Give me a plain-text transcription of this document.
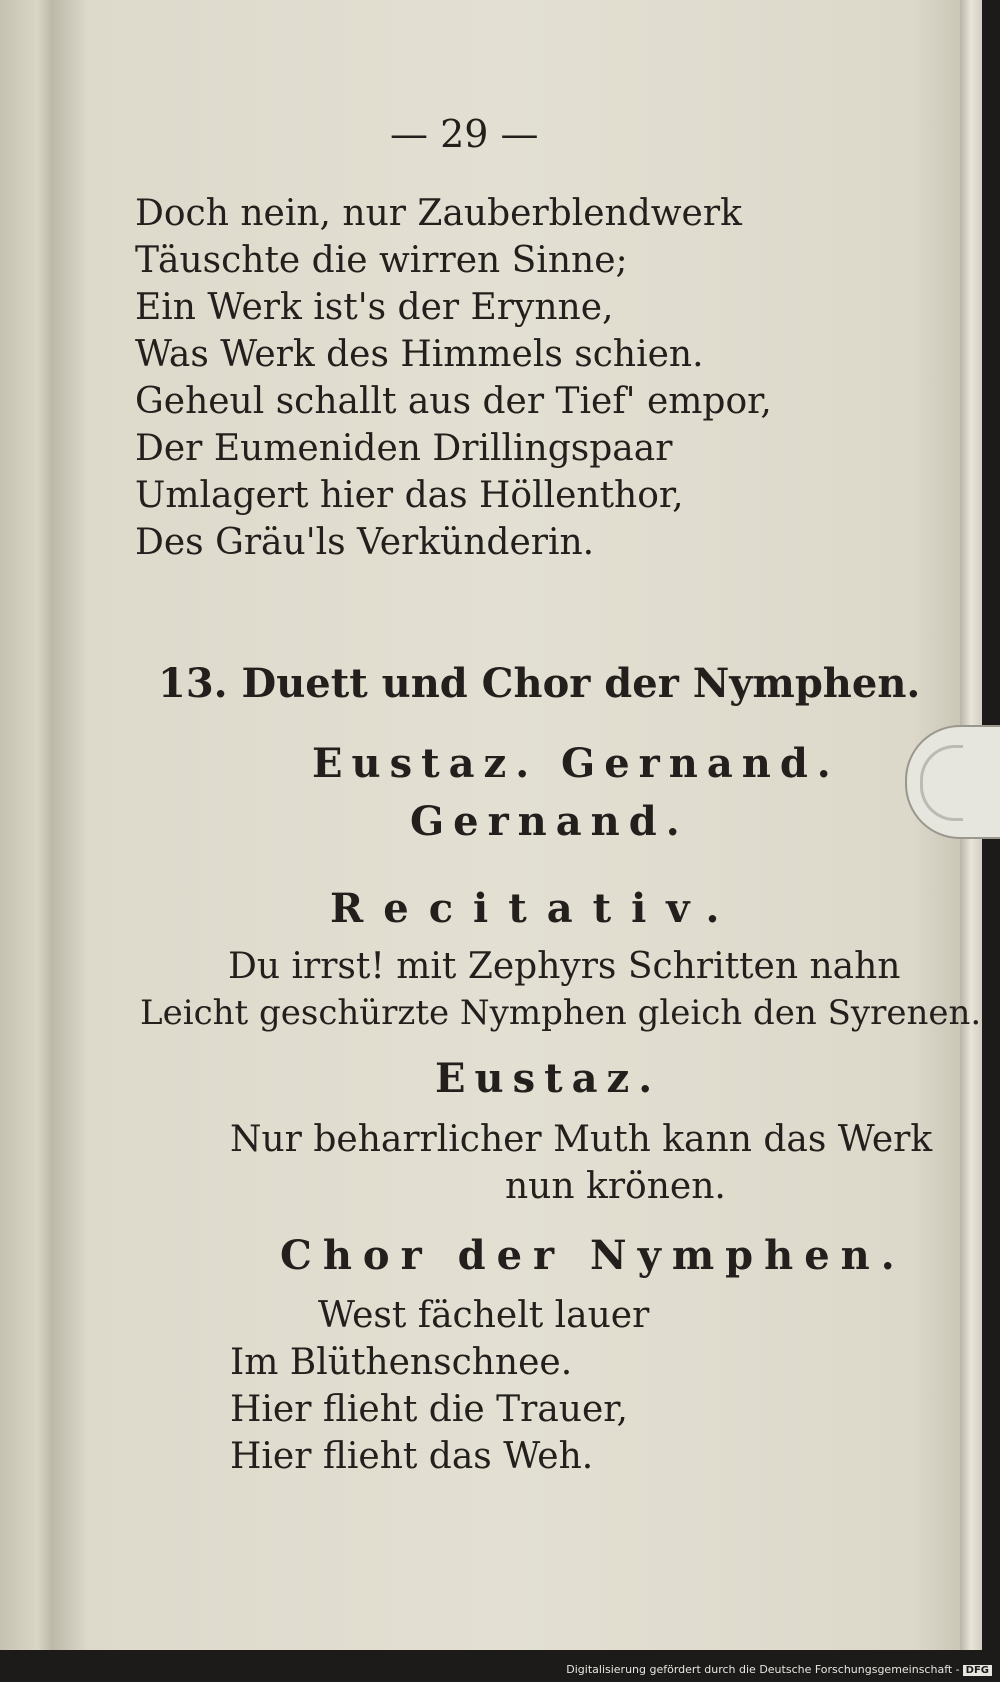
— 29 —
Doch nein, nur Zauberblendwerk
Täuschte die wirren Sinne;
Ein Werk ist's der Erynne,
Was Werk des Himmels schien.
Geheul schallt aus der Tief' empor,
Der Eumeniden Drillingspaar
Umlagert hier das Höllenthor,
Des Gräu'ls Verkünderin.
13. Duett und Chor der Nymphen.
Eustaz. Gernand.
Gernand.
Recitativ.
Du irrst! mit Zephyrs Schritten nahn
Leicht geschürzte Nymphen gleich den Syrenen.
Eustaz.
Nur beharrlicher Muth kann das Werk
nun krönen.
Chor der Nymphen.
West fächelt lauer
Im Blüthenschnee.
Hier flieht die Trauer,
Hier flieht das Weh.
Digitalisierung gefördert durch die Deutsche Forschungsgemeinschaft - DFG
